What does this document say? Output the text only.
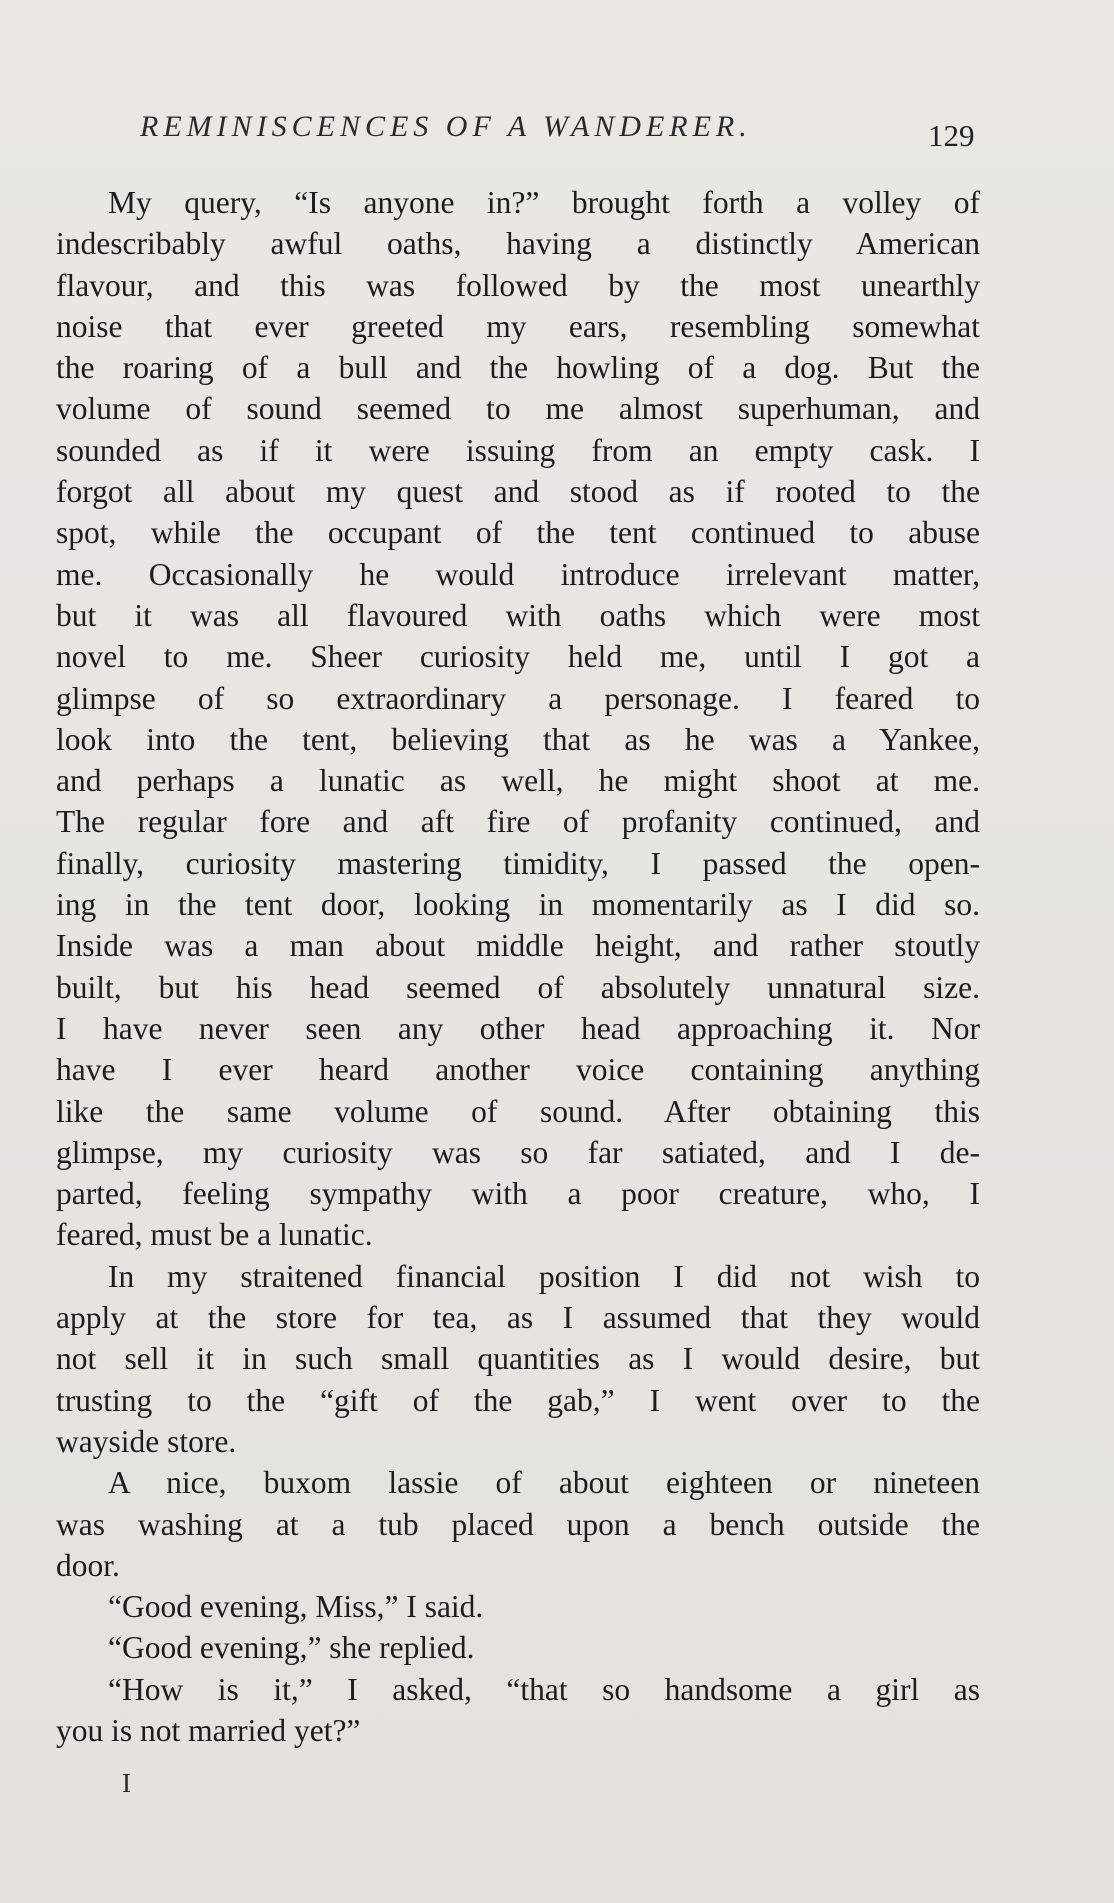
REMINISCENCES OF A WANDERER.	129
My query, “Is anyone in?” brought forth a volley of
indescribably awful oaths, having a distinctly American
flavour, and this was followed by the most unearthly
noise that ever greeted my ears, resembling somewhat
the roaring of a bull and the howling of a dog. But the
volume of sound seemed to me almost superhuman, and
sounded as if it were issuing from an empty cask. I
forgot all about my quest and stood as if rooted to the
spot, while the occupant of the tent continued to abuse
me. Occasionally he would introduce irrelevant matter,
but it was all flavoured with oaths which were most
novel to me. Sheer curiosity held me, until I got a
glimpse of so extraordinary a personage. I feared to
look into the tent, believing that as he was a Yankee,
and perhaps a lunatic as well, he might shoot at me.
The regular fore and aft fire of profanity continued, and
finally, curiosity mastering timidity, I passed the open-
ing in the tent door, looking in momentarily as I did so.
Inside was a man about middle height, and rather stoutly
built, but his head seemed of absolutely unnatural size.
I have never seen any other head approaching it. Nor
have I ever heard another voice containing anything
like the same volume of sound. After obtaining this
glimpse, my curiosity was so far satiated, and I de-
parted, feeling sympathy with a poor creature, who, I
feared, must be a lunatic.
In my straitened financial position I did not wish to
apply at the store for tea, as I assumed that they would
not sell it in such small quantities as I would desire, but
trusting to the “gift of the gab,” I went over to the
wayside store.
A nice, buxom lassie of about eighteen or nineteen
was washing at a tub placed upon a bench outside the
door.
“Good evening, Miss,” I said.
“Good evening,” she replied.
“How is it,” I asked, “that so handsome a girl as
you is not married yet?”
I
